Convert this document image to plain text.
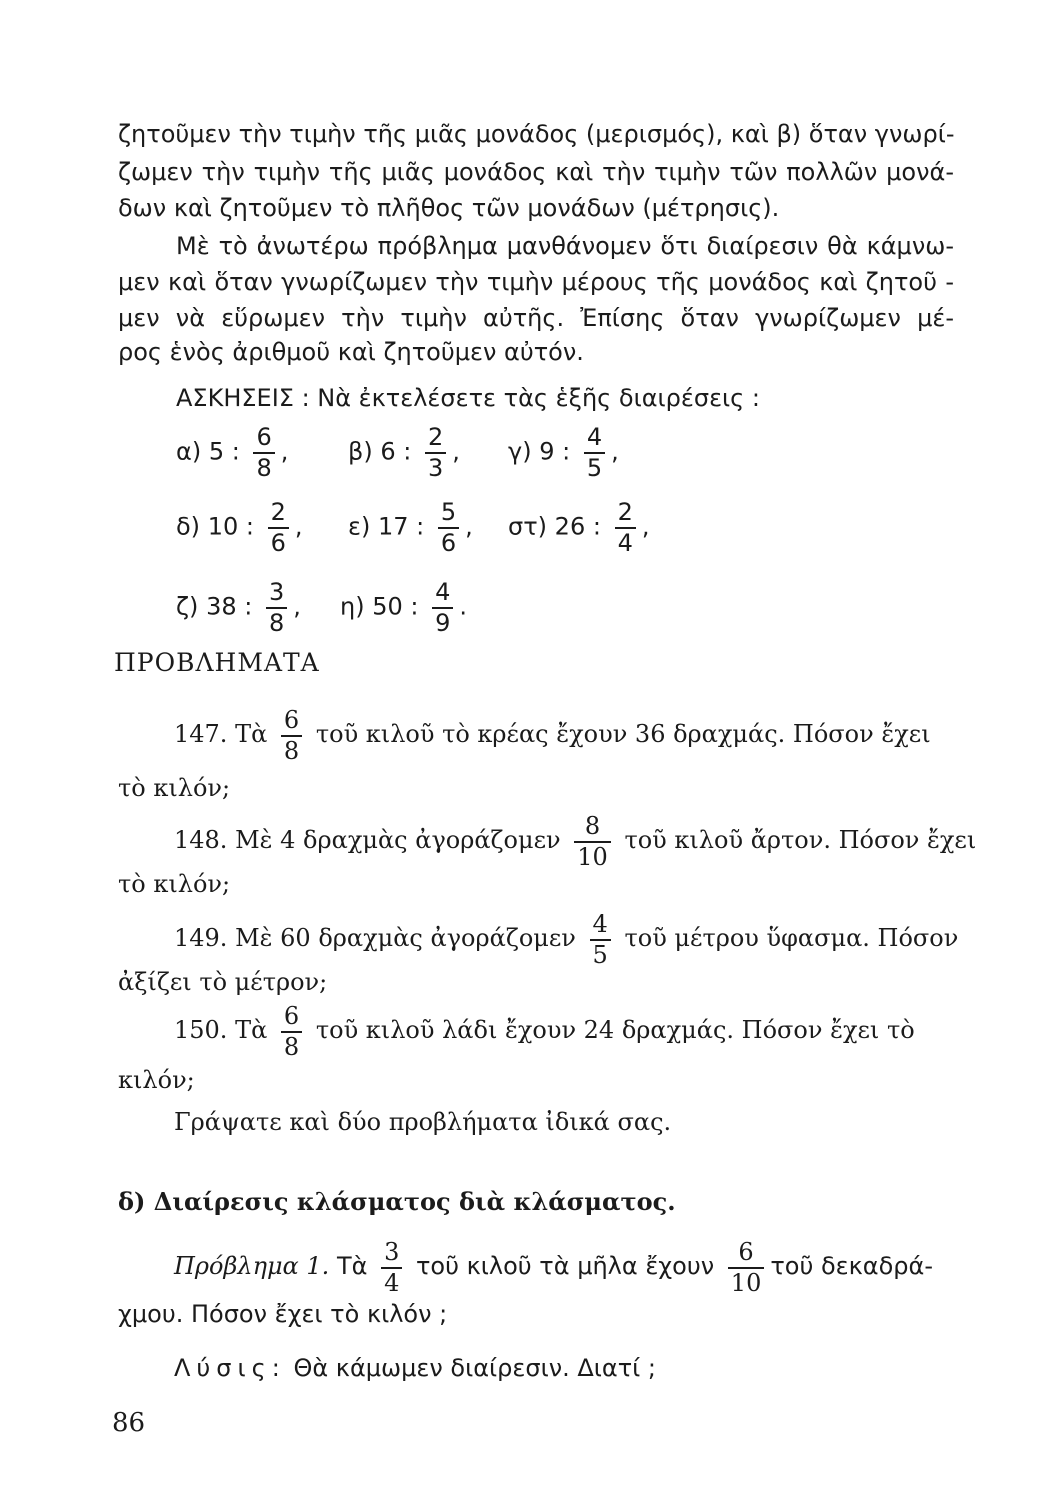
ζητοῦμεν τὴν τιμὴν τῆς μιᾶς μονάδος (μερισμός), καὶ β) ὅταν γνωρί-
ζωμεν τὴν τιμὴν τῆς μιᾶς μονάδος καὶ τὴν τιμὴν τῶν πολλῶν μονά-
δων καὶ ζητοῦμεν τὸ πλῆθος τῶν μονάδων (μέτρησις).
Μὲ τὸ ἀνωτέρω πρόβλημα μανθάνομεν ὅτι διαίρεσιν θὰ κάμνω-
μεν καὶ ὅταν γνωρίζωμεν τὴν τιμὴν μέρους τῆς μονάδος καὶ ζητοῦ -
μεν νὰ εὕρωμεν τὴν τιμὴν αὐτῆς. Ἐπίσης ὅταν γνωρίζωμεν μέ-
ρος ἑνὸς ἀριθμοῦ καὶ ζητοῦμεν αὐτόν.
ΑΣΚΗΣΕΙΣ : Νὰ ἐκτελέσετε τὰς ἑξῆς διαιρέσεις :
α) 5 : $\frac{6}{8}$ , β) 6 : $\frac{2}{3}$ , γ) 9 : $\frac{4}{5}$ ,
δ) 10 : $\frac{2}{6}$ , ε) 17 : $\frac{5}{6}$ , στ) 26 : $\frac{2}{4}$ ,
ζ) 38 : $\frac{3}{8}$ , η) 50 : $\frac{4}{9}$ .
ΠΡΟΒΛΗΜΑΤΑ
147. Τὰ $\frac{6}{8}$ τοῦ κιλοῦ τὸ κρέας ἔχουν 36 δραχμάς. Πόσον ἔχει
τὸ κιλόν;
148. Μὲ 4 δραχμὰς ἀγοράζομεν $\frac{8}{10}$ τοῦ κιλοῦ ἄρτον. Πόσον ἔχει
τὸ κιλόν;
149. Μὲ 60 δραχμὰς ἀγοράζομεν $\frac{4}{5}$ τοῦ μέτρου ὕφασμα. Πόσον
ἀξίζει τὸ μέτρον;
150. Τὰ $\frac{6}{8}$ τοῦ κιλοῦ λάδι ἔχουν 24 δραχμάς. Πόσον ἔχει τὸ
κιλόν;
Γράψατε καὶ δύο προβλήματα ἰδικά σας.
δ) Διαίρεσις κλάσματος διὰ κλάσματος.
Πρόβλημα 1. Τὰ $\frac{3}{4}$ τοῦ κιλοῦ τὰ μῆλα ἔχουν $\frac{6}{10}$ τοῦ δεκαδρά-
χμου. Πόσον ἔχει τὸ κιλόν ;
Λύσις: Θὰ κάμωμεν διαίρεσιν. Διατί ;
86
